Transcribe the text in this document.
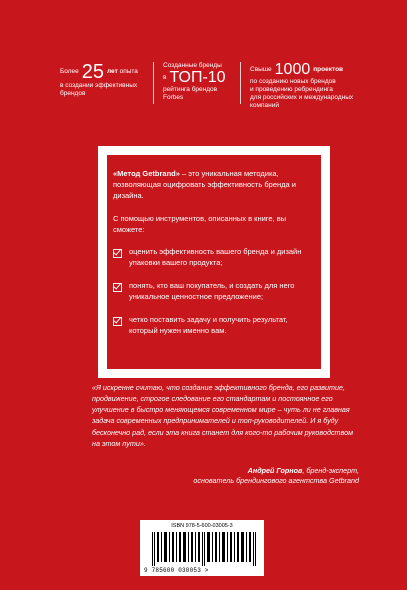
Более 25 лет опыта
в создании эффективных брендов
Созданные бренды
в ТОП-10
рейтинга брендов Forbes
Свыше 1000 проектов
по созданию новых брендов
и проведению ребрендинга
для российских и международных
компаний

«Метод Getbrand» – это уникальная методика, позволяющая оцифровать эффективность бренда и дизайна.

С помощью инструментов, описанных в книге, вы сможете:

оценить эффективность вашего бренда и дизайн упаковки вашего продукта;
понять, кто ваш покупатель, и создать для него уникальное ценностное предложение;
четко поставить задачу и получить результат, который нужен именно вам.
«Я искренне считаю, что создание эффективного бренда, его развитие, продвижение, строгое следование его стандартам и постоянное его улучшение в быстро меняющемся современном мире – чуть ли не главная задача современных предпринимателей и топ-руководителей. И я буду бесконечно рад, если эта книга станет для кого-то рабочим руководством на этом пути».
Андрей Горнов, бренд-эксперт,
основатель брендингового агентства Getbrand
ISBN 978-5-600-03005-3
9 785600 030053 >
